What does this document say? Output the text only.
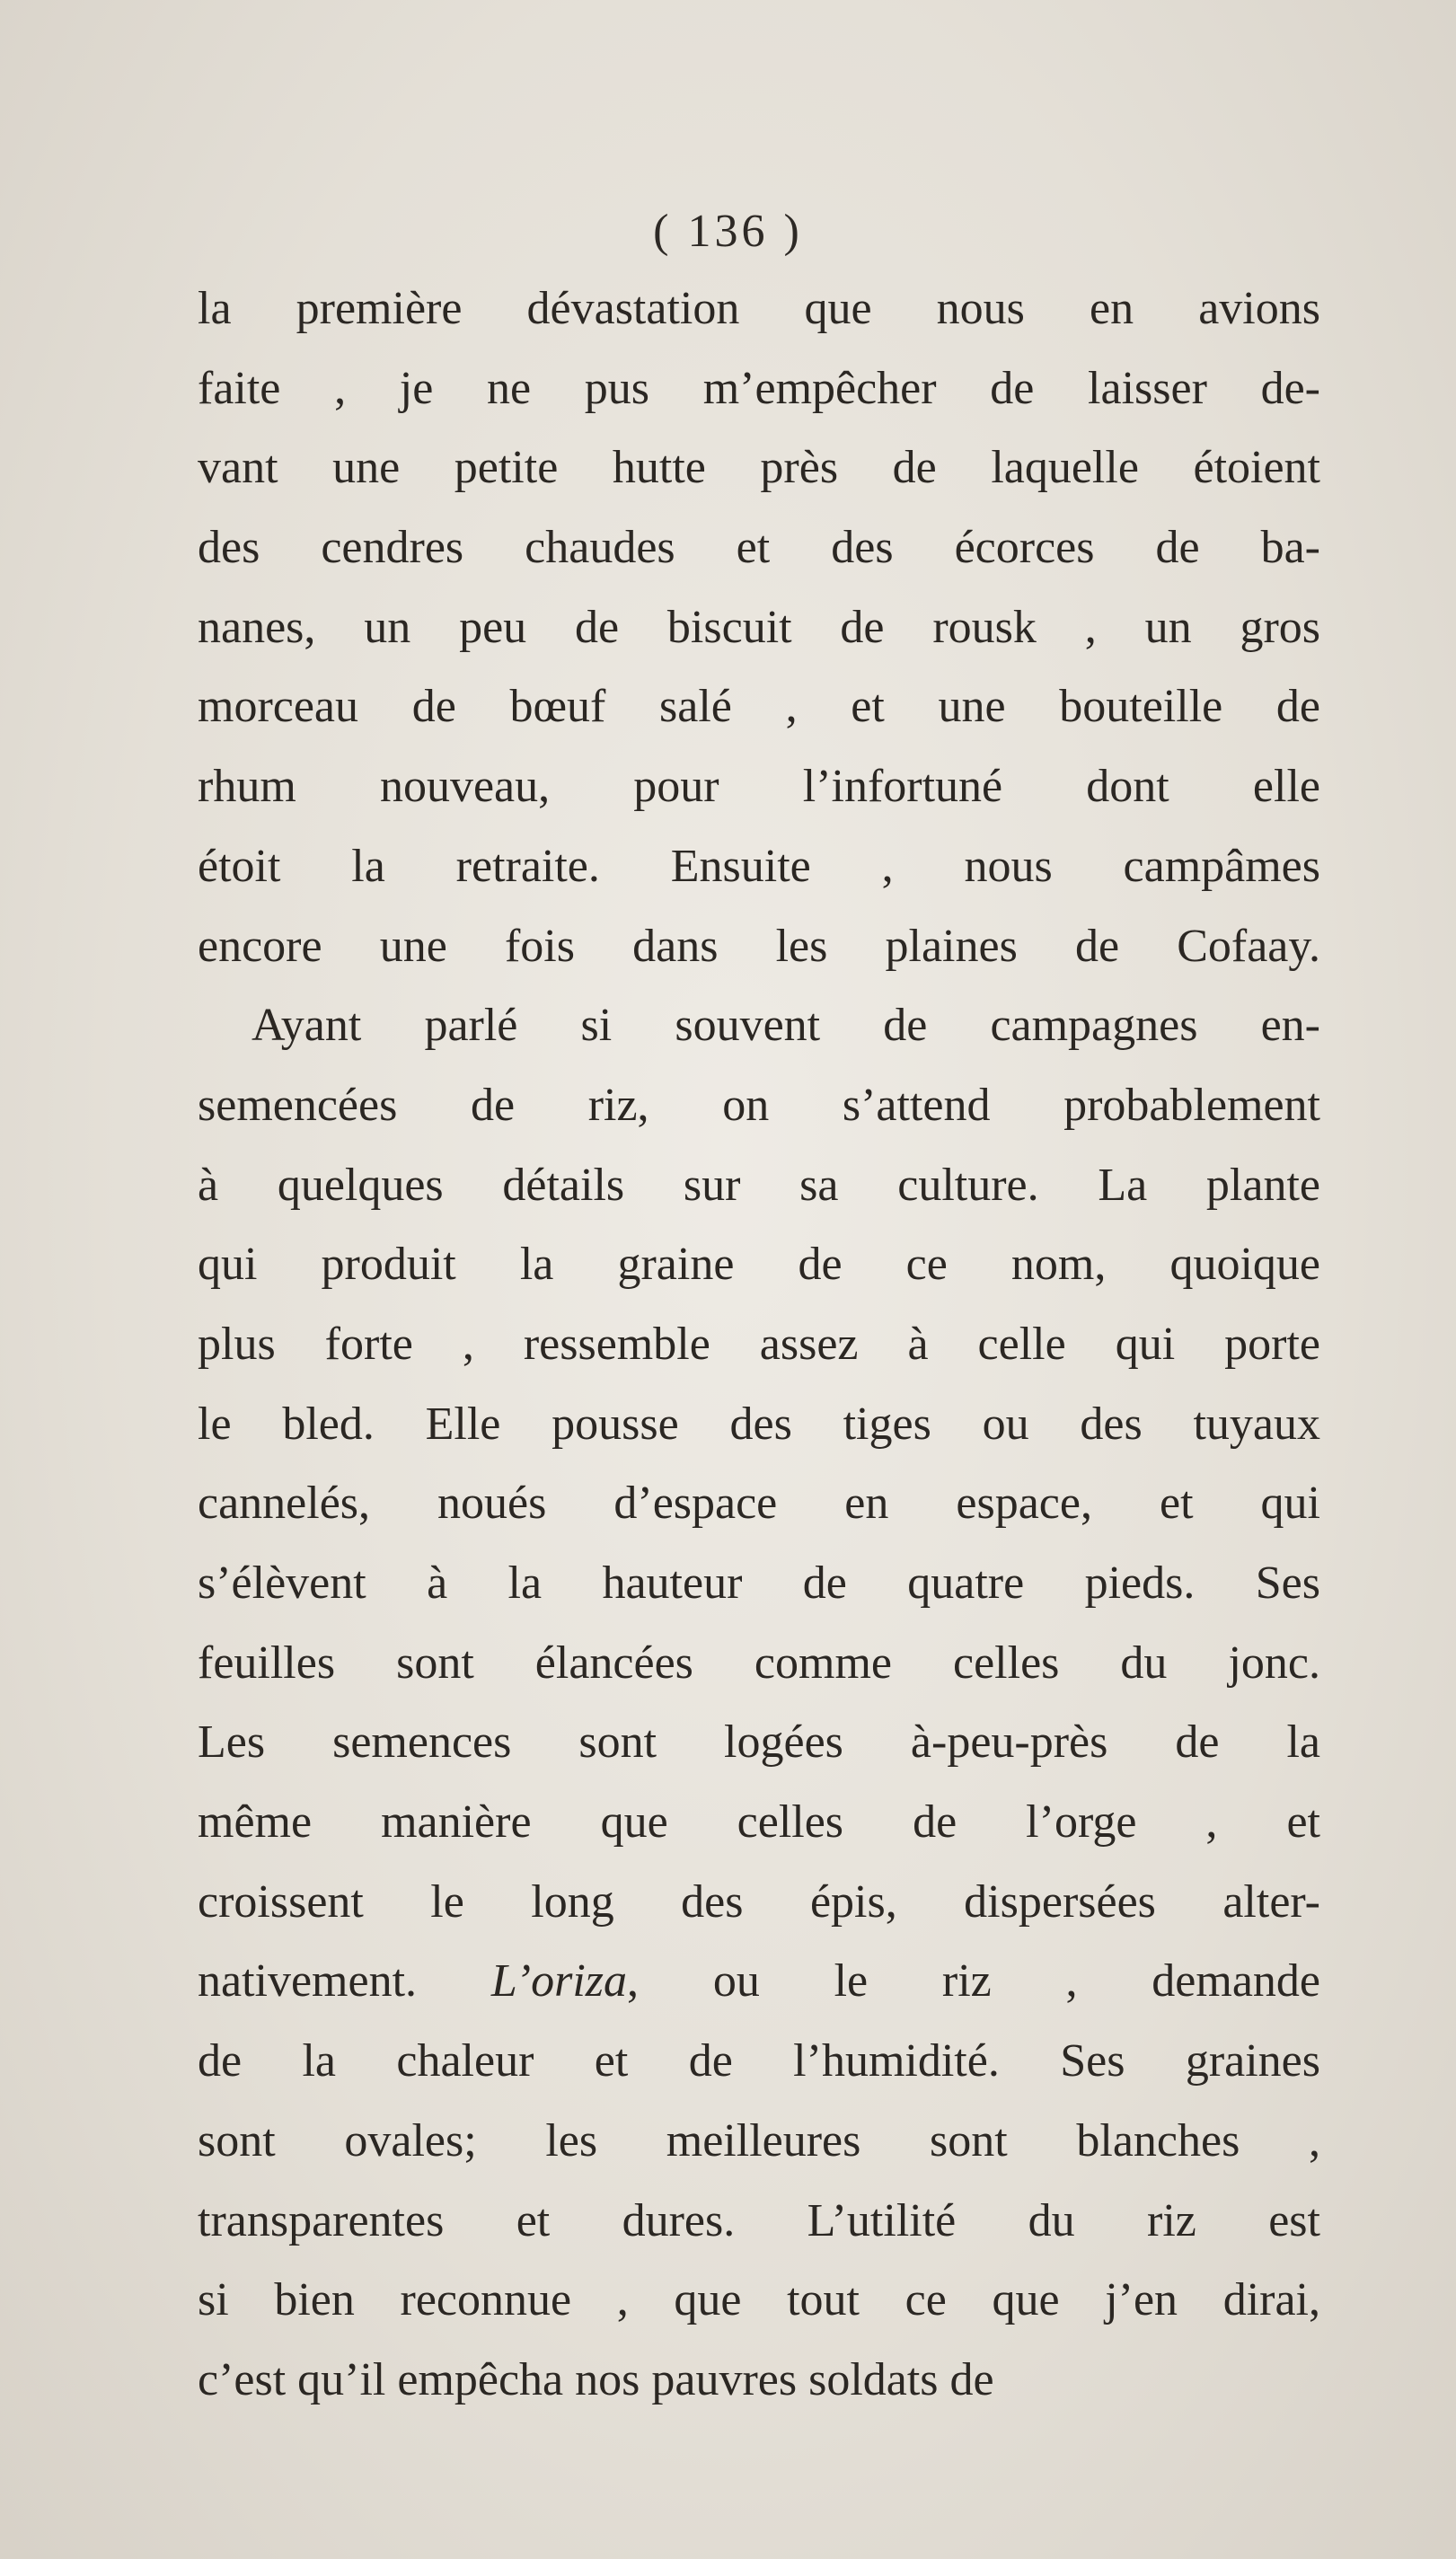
( 136 )
la première dévastation que nous en avions
faite , je ne pus m’empêcher de laisser de-
vant une petite hutte près de laquelle étoient
des cendres chaudes et des écorces de ba-
nanes, un peu de biscuit de rousk , un gros
morceau de bœuf salé , et une bouteille de
rhum nouveau, pour l’infortuné dont elle
étoit la retraite. Ensuite , nous campâmes
encore une fois dans les plaines de Cofaay.
Ayant parlé si souvent de campagnes en-
semencées de riz, on s’attend probablement
à quelques détails sur sa culture. La plante
qui produit la graine de ce nom, quoique
plus forte , ressemble assez à celle qui porte
le bled. Elle pousse des tiges ou des tuyaux
cannelés, noués d’espace en espace, et qui
s’élèvent à la hauteur de quatre pieds. Ses
feuilles sont élancées comme celles du jonc.
Les semences sont logées à-peu-près de la
même manière que celles de l’orge , et
croissent le long des épis, dispersées alter-
nativement. L’oriza, ou le riz , demande
de la chaleur et de l’humidité. Ses graines
sont ovales; les meilleures sont blanches ,
transparentes et dures. L’utilité du riz est
si bien reconnue , que tout ce que j’en dirai,
c’est qu’il empêcha nos pauvres soldats de
